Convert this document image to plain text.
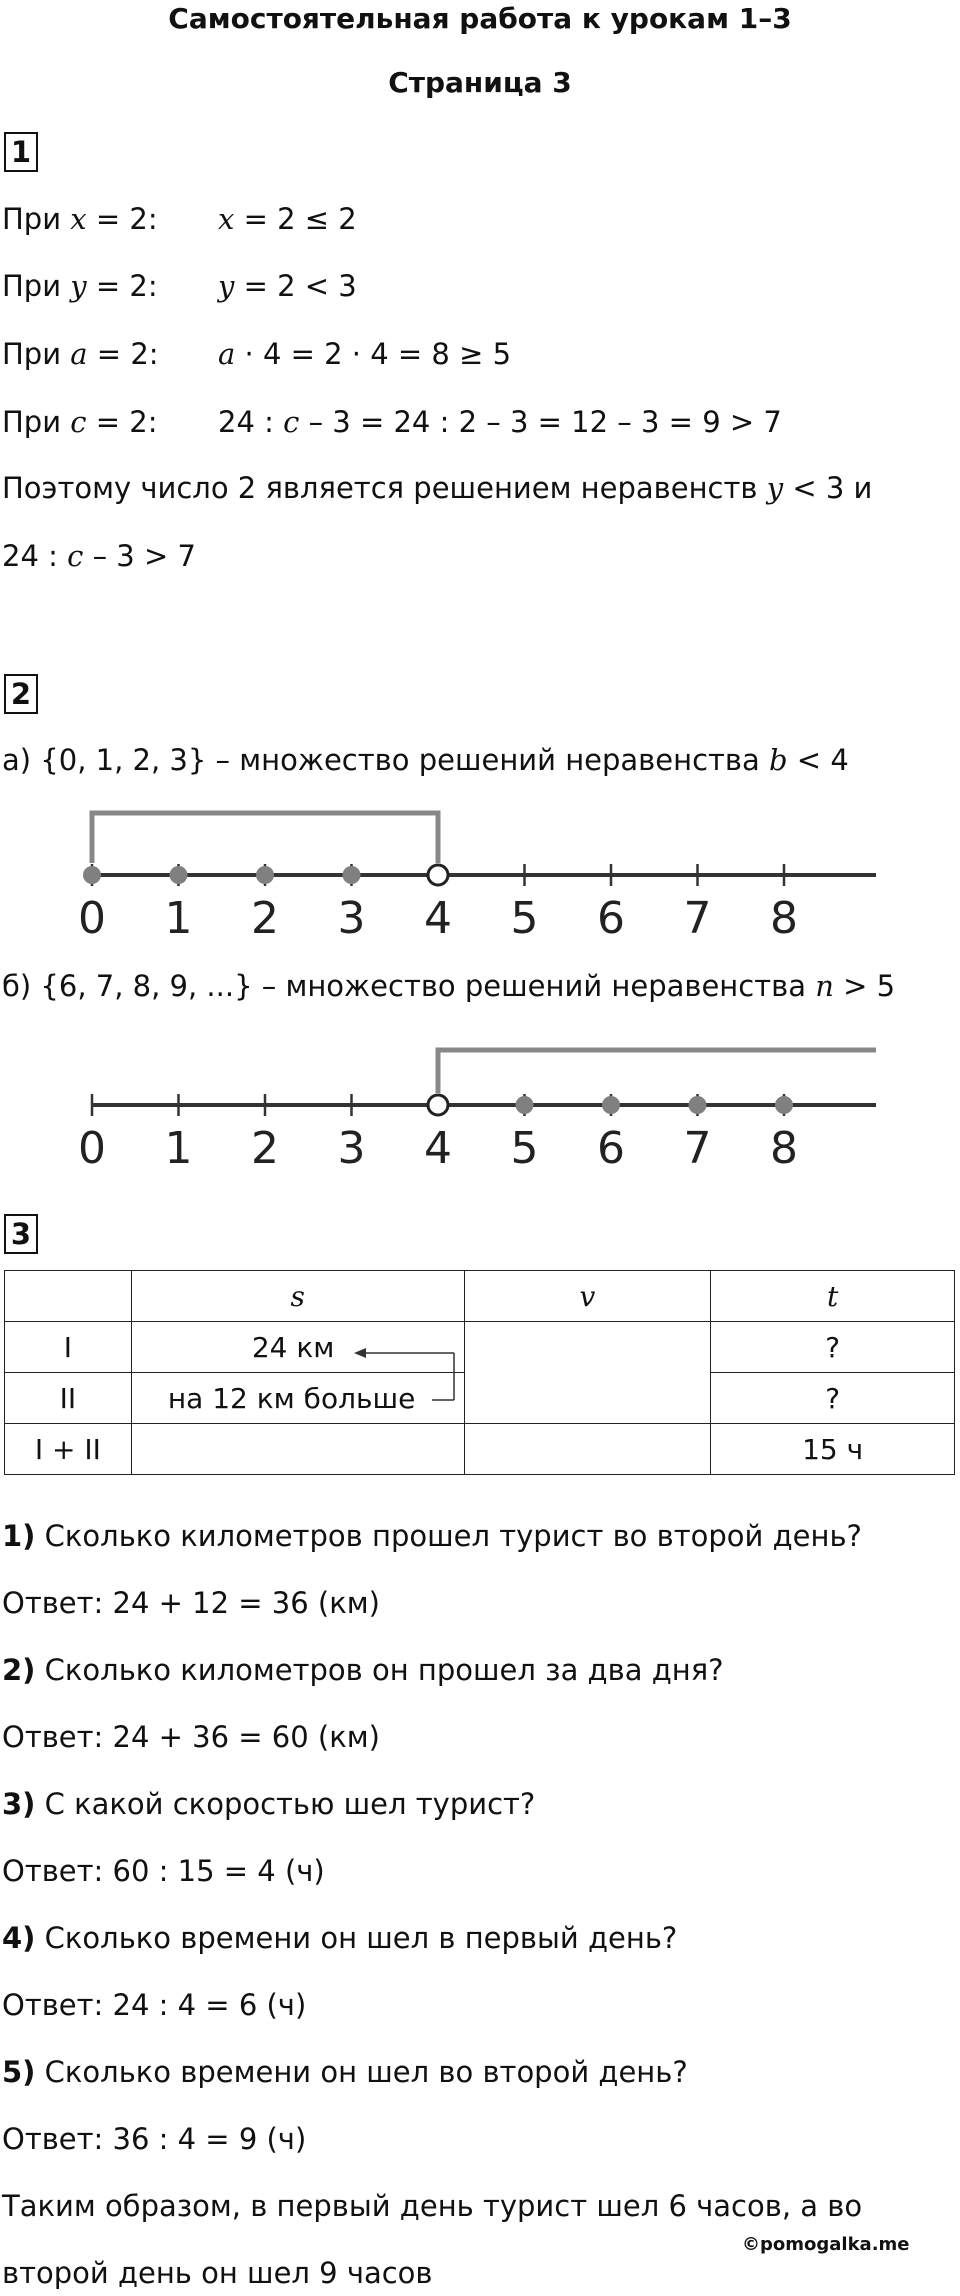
Самостоятельная работа к урокам 1–3
Страница 3
1
При x = 2: x = 2 ≤ 2
При y = 2: y = 2 < 3
При a = 2: a · 4 = 2 · 4 = 8 ≥ 5
При c = 2: 24 : c – 3 = 24 : 2 – 3 = 12 – 3 = 9 > 7
Поэтому число 2 является решением неравенств y < 3 и
24 : c – 3 > 7
2
а) {0, 1, 2, 3} – множество решений неравенства b < 4
0 1 2 3 4 5 6 7 8
б) {6, 7, 8, 9, ...} – множество решений неравенства n > 5
0 1 2 3 4 5 6 7 8
3
	s	v	t
I	24 км		?
II	на 12 км больше		?
I + II			15 ч
1) Сколько километров прошел турист во второй день?
Ответ: 24 + 12 = 36 (км)
2) Сколько километров он прошел за два дня?
Ответ: 24 + 36 = 60 (км)
3) С какой скоростью шел турист?
Ответ: 60 : 15 = 4 (ч)
4) Сколько времени он шел в первый день?
Ответ: 24 : 4 = 6 (ч)
5) Сколько времени он шел во второй день?
Ответ: 36 : 4 = 9 (ч)
Таким образом, в первый день турист шел 6 часов, а во
второй день он шел 9 часов
©pomogalka.me
